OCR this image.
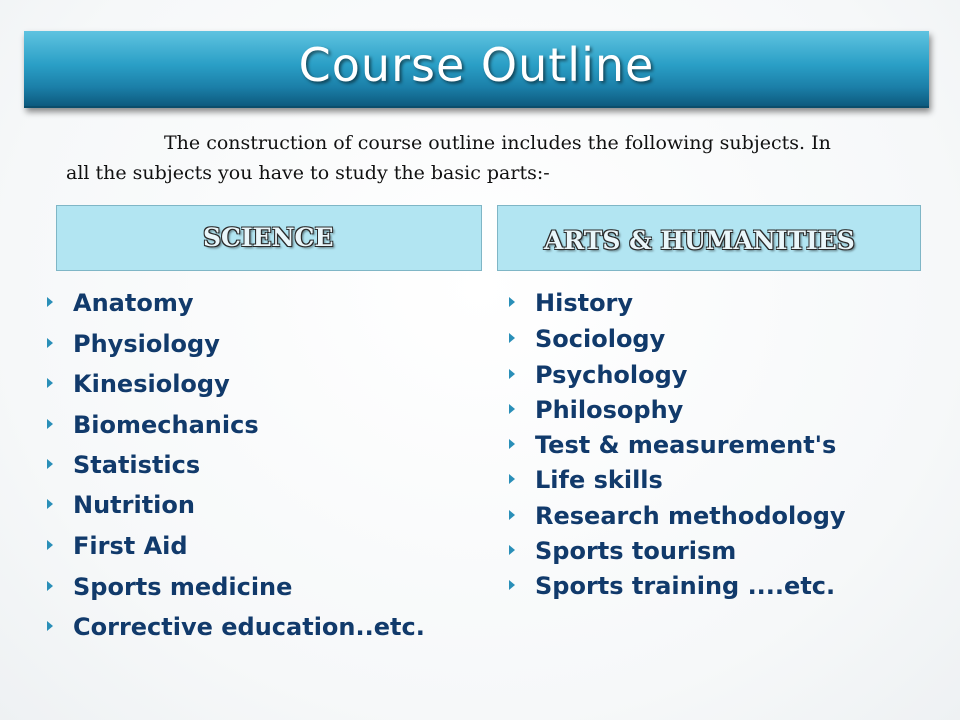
Course Outline
The construction of course outline includes the following subjects. In all the subjects you have to study the basic parts:-
SCIENCE	ARTS & HUMANITIES
Anatomy
Physiology
Kinesiology
Biomechanics
Statistics
Nutrition
First Aid
Sports medicine
Corrective education..etc.
History
Sociology
Psychology
Philosophy
Test & measurement's
Life skills
Research methodology
Sports tourism
Sports training ....etc.
